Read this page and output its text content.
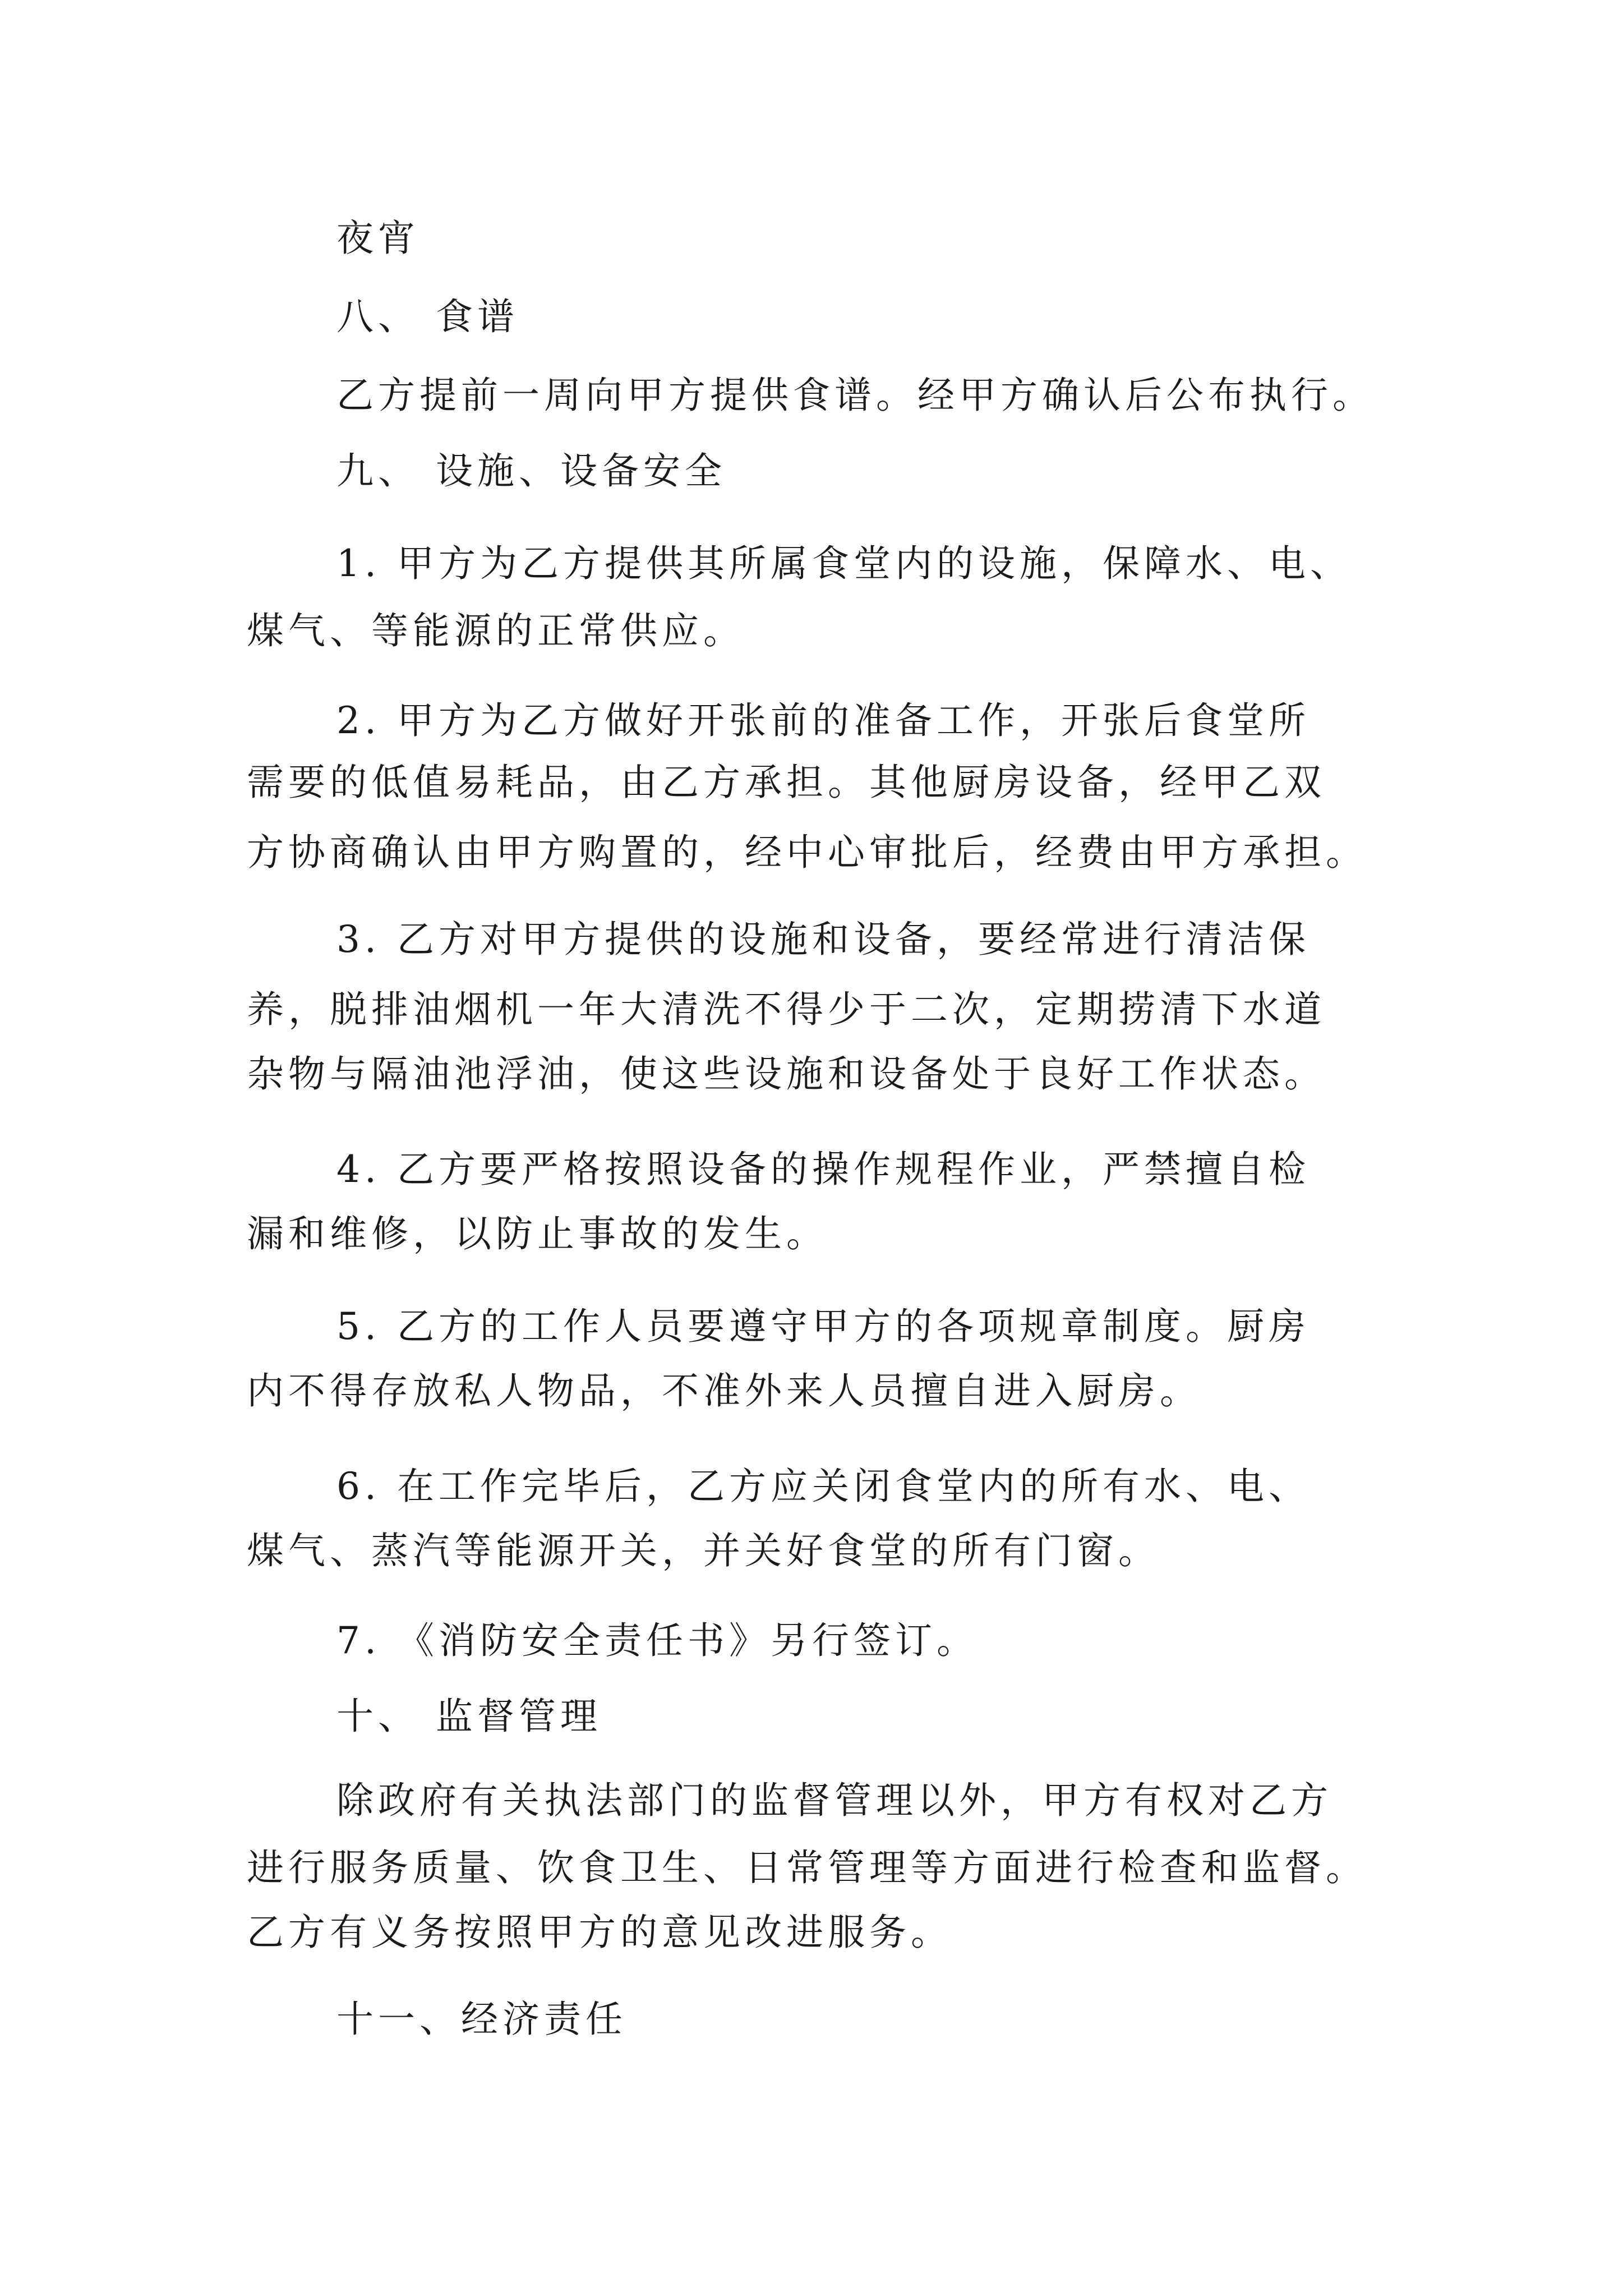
夜宵
八、 食谱
乙方提前一周向甲方提供食谱。经甲方确认后公布执行。
九、 设施、设备安全
1. 甲方为乙方提供其所属食堂内的设施，保障水、电、
煤气、等能源的正常供应。
2. 甲方为乙方做好开张前的准备工作，开张后食堂所
需要的低值易耗品，由乙方承担。其他厨房设备，经甲乙双
方协商确认由甲方购置的，经中心审批后，经费由甲方承担。
3. 乙方对甲方提供的设施和设备，要经常进行清洁保
养，脱排油烟机一年大清洗不得少于二次，定期捞清下水道
杂物与隔油池浮油，使这些设施和设备处于良好工作状态。
4. 乙方要严格按照设备的操作规程作业，严禁擅自检
漏和维修，以防止事故的发生。
5. 乙方的工作人员要遵守甲方的各项规章制度。厨房
内不得存放私人物品，不准外来人员擅自进入厨房。
6. 在工作完毕后，乙方应关闭食堂内的所有水、电、
煤气、蒸汽等能源开关，并关好食堂的所有门窗。
7. 《消防安全责任书》另行签订。
十、 监督管理
除政府有关执法部门的监督管理以外，甲方有权对乙方
进行服务质量、饮食卫生、日常管理等方面进行检查和监督。
乙方有义务按照甲方的意见改进服务。
十一、经济责任
